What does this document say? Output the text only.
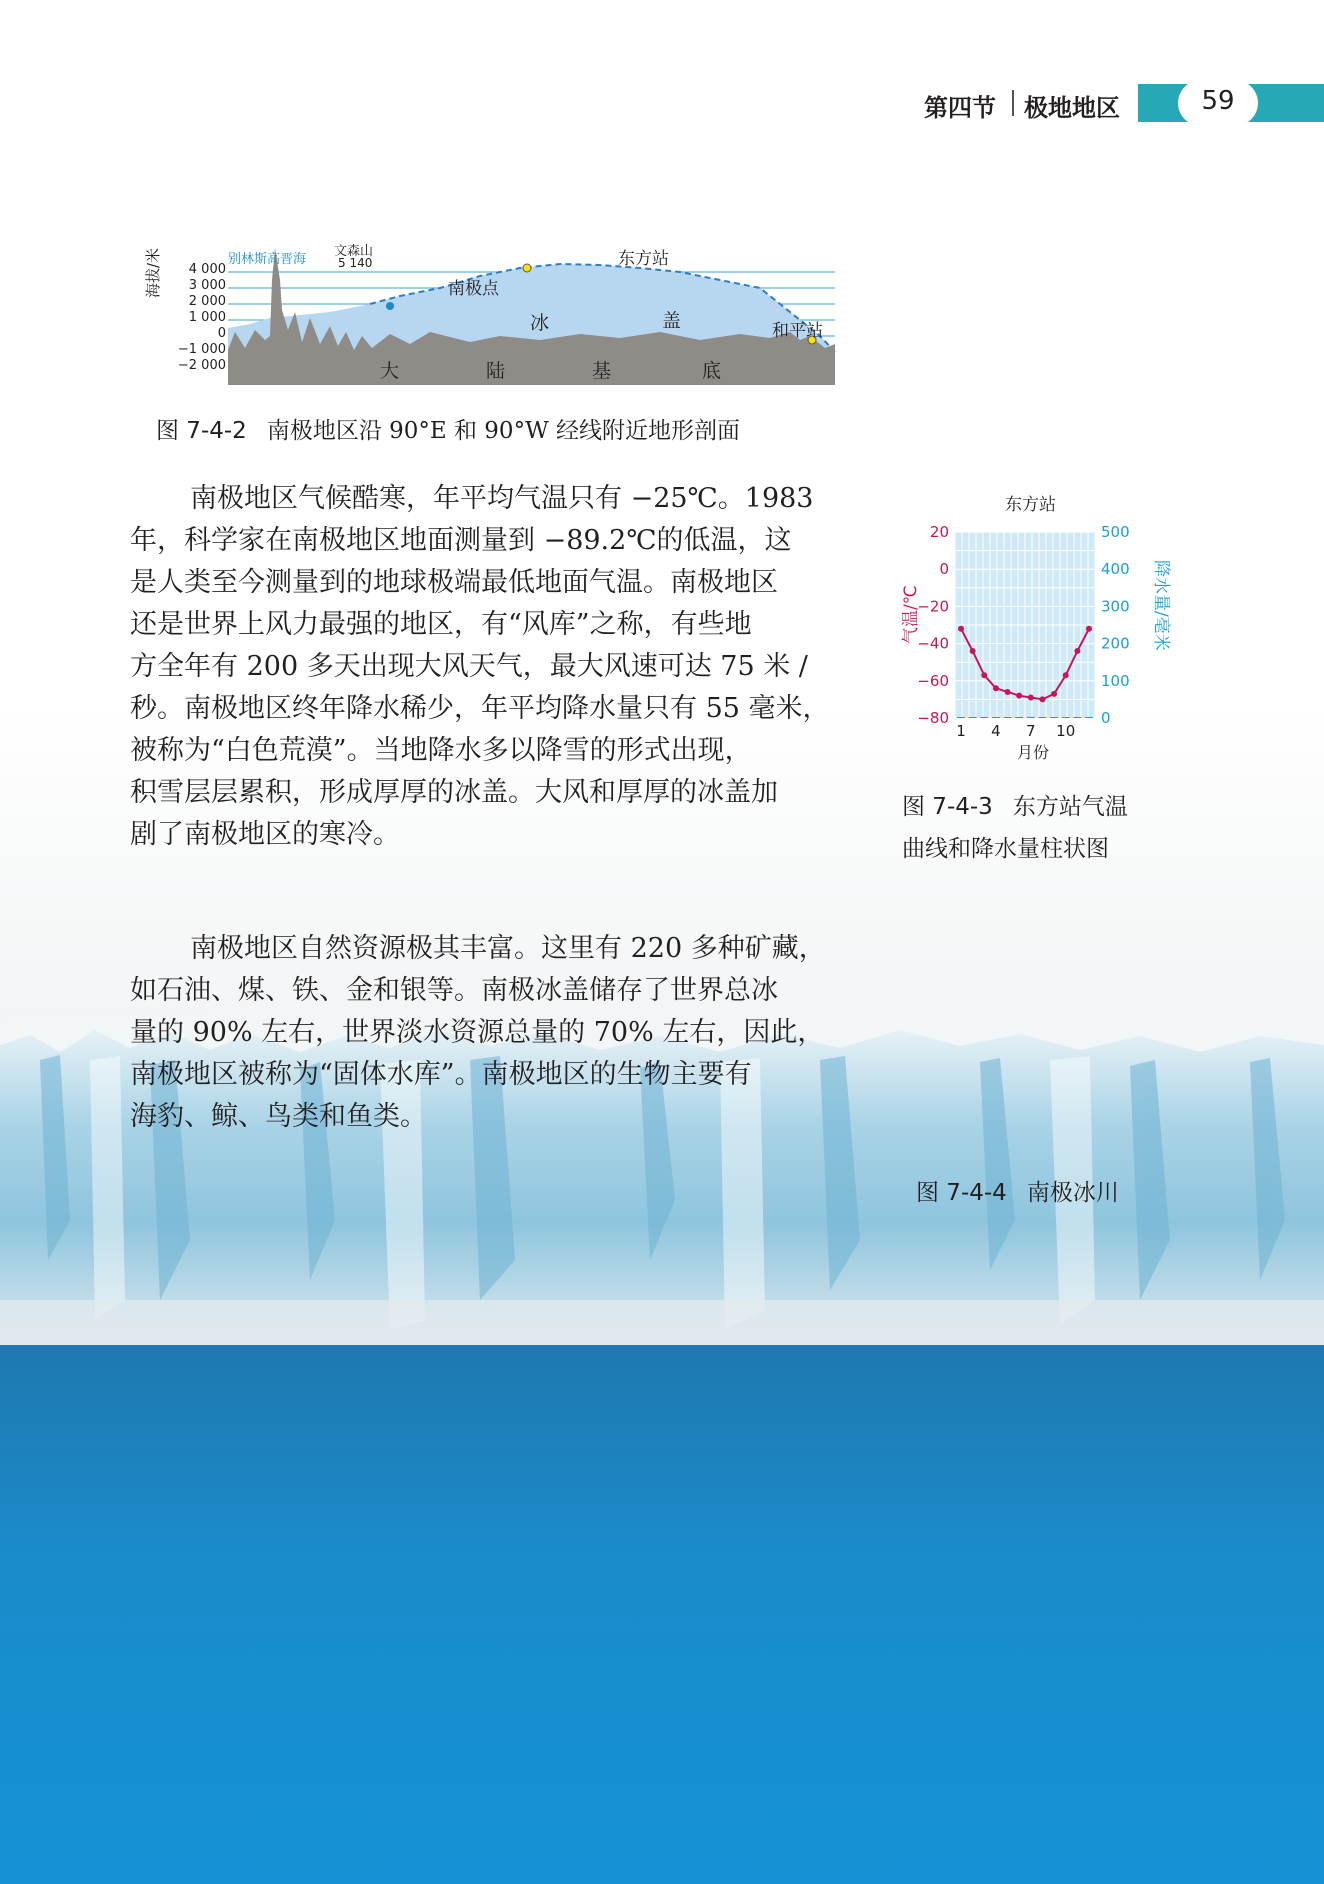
第四节 极地地区	59
海拔/米	4 000
3 000
2 000
1 000
0
−1 000
−2 000
别林斯高晋海
文森山
5 140
南极点
东方站
和平站
冰	盖
大	陆	基	底
图 7-4-2 南极地区沿 90°E 和 90°W 经线附近地形剖面
南极地区气候酷寒，年平均气温只有 −25℃。1983
年，科学家在南极地区地面测量到 −89.2℃的低温，这
是人类至今测量到的地球极端最低地面气温。南极地区
还是世界上风力最强的地区，有“风库”之称，有些地
方全年有 200 多天出现大风天气，最大风速可达 75 米 /
秒。南极地区终年降水稀少，年平均降水量只有 55 毫米，
被称为“白色荒漠”。当地降水多以降雪的形式出现，
积雪层层累积，形成厚厚的冰盖。大风和厚厚的冰盖加
剧了南极地区的寒冷。
南极地区自然资源极其丰富。这里有 220 多种矿藏，
如石油、煤、铁、金和银等。南极冰盖储存了世界总冰
量的 90% 左右，世界淡水资源总量的 70% 左右，因此，
南极地区被称为“固体水库”。南极地区的生物主要有
海豹、鲸、鸟类和鱼类。
东方站
20
0
−20
−40
−60
−80
500
400
300
200
100
0
1 4 7 10
气温/℃	降水量/毫米
月份
图 7-4-3 东方站气温
曲线和降水量柱状图
图 7-4-4 南极冰川
